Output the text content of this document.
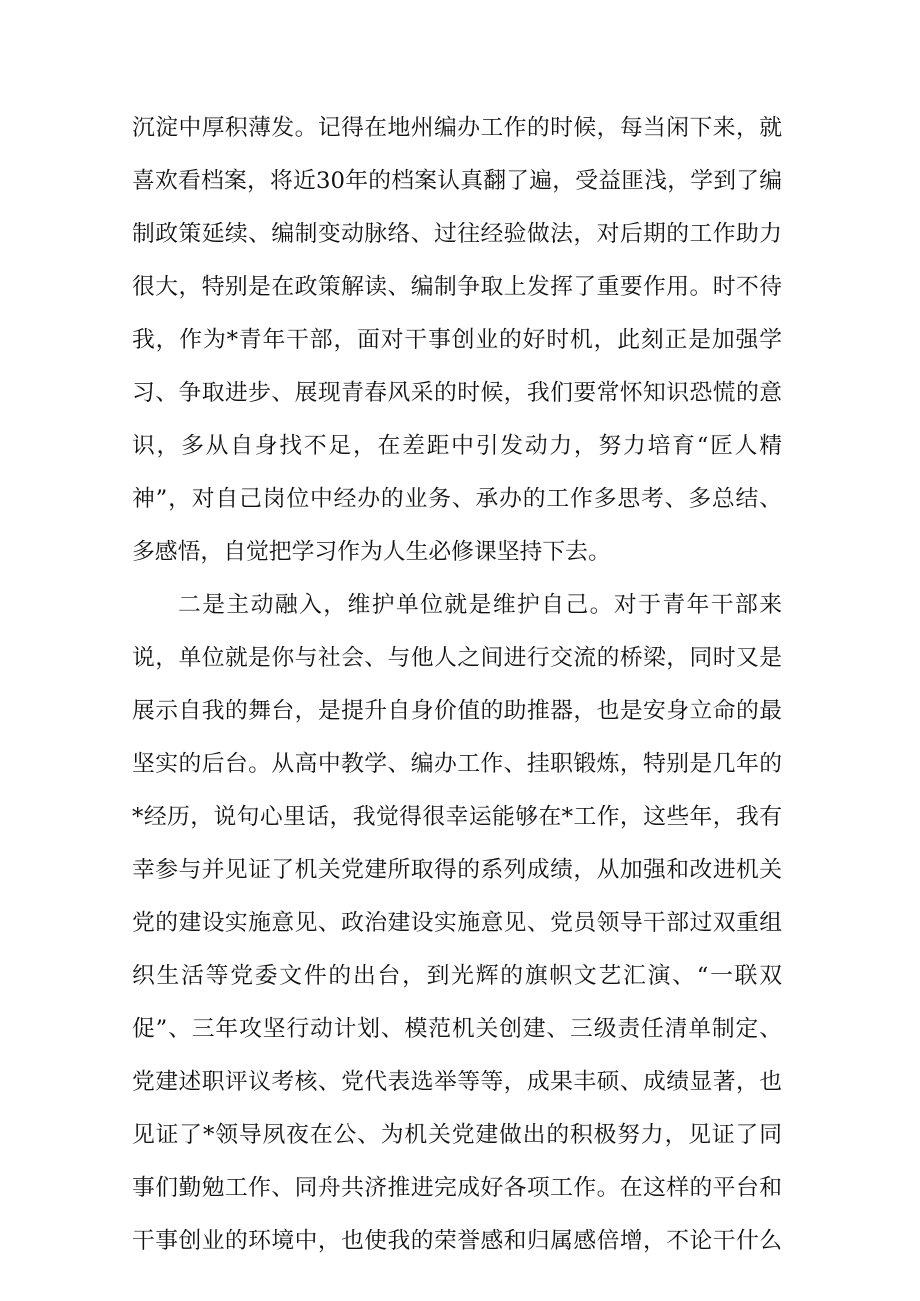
沉淀中厚积薄发。记得在地州编办工作的时候，每当闲下来，就
喜欢看档案，将近30年的档案认真翻了遍，受益匪浅，学到了编
制政策延续、编制变动脉络、过往经验做法，对后期的工作助力
很大，特别是在政策解读、编制争取上发挥了重要作用。时不待
我，作为*青年干部，面对干事创业的好时机，此刻正是加强学
习、争取进步、展现青春风采的时候，我们要常怀知识恐慌的意
识，多从自身找不足，在差距中引发动力，努力培育“匠人精
神”，对自己岗位中经办的业务、承办的工作多思考、多总结、
多感悟，自觉把学习作为人生必修课坚持下去。
二是主动融入，维护单位就是维护自己。对于青年干部来
说，单位就是你与社会、与他人之间进行交流的桥梁，同时又是
展示自我的舞台，是提升自身价值的助推器，也是安身立命的最
坚实的后台。从高中教学、编办工作、挂职锻炼，特别是几年的
*经历，说句心里话，我觉得很幸运能够在*工作，这些年，我有
幸参与并见证了机关党建所取得的系列成绩，从加强和改进机关
党的建设实施意见、政治建设实施意见、党员领导干部过双重组
织生活等党委文件的出台，到光辉的旗帜文艺汇演、“一联双
促”、三年攻坚行动计划、模范机关创建、三级责任清单制定、
党建述职评议考核、党代表选举等等，成果丰硕、成绩显著，也
见证了*领导夙夜在公、为机关党建做出的积极努力，见证了同
事们勤勉工作、同舟共济推进完成好各项工作。在这样的平台和
干事创业的环境中，也使我的荣誉感和归属感倍增，不论干什么
